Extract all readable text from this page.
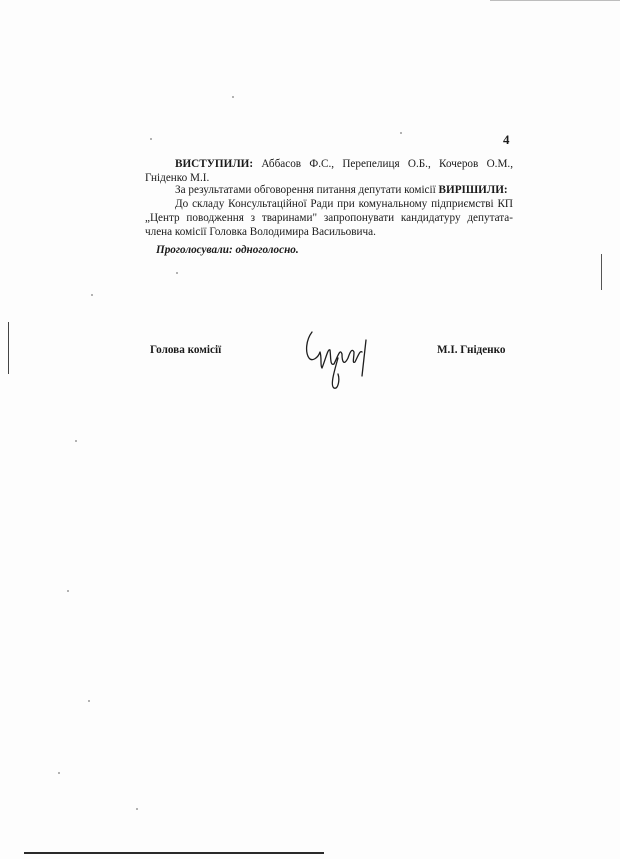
4

ВИСТУПИЛИ: Аббасов Ф.С., Перепелиця О.Б., Кочеров О.М., Гніденко М.І.

За результатами обговорення питання депутати комісії ВИРІШИЛИ:

До складу Консультаційної Ради при комунальному підприємстві КП „Центр поводження з тваринами" запропонувати кандидатуру депутата-члена комісії Головка Володимира Васильовича.

Проголосували: одноголосно.

Голова комісії	М.І. Гніденко
